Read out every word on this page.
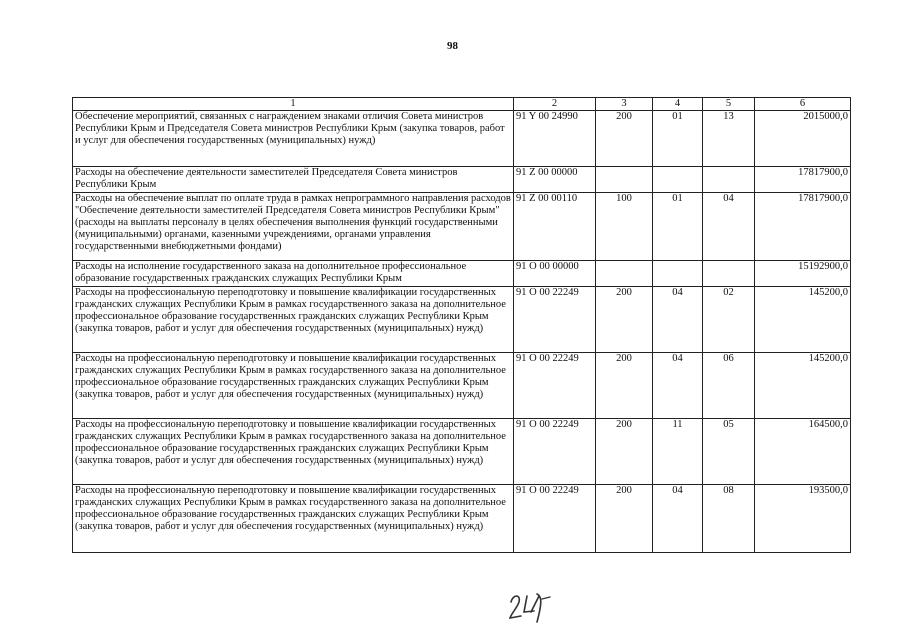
98
1	2	3	4	5	6
Обеспечение мероприятий, связанных с награждением знаками отличия Совета министров Республики Крым и Председателя Совета министров Республики Крым (закупка товаров, работ и услуг для обеспечения государственных (муниципальных) нужд)	91 Y 00 24990	200	01	13	2015000,0
Расходы на обеспечение деятельности заместителей Председателя Совета министров Республики Крым	91 Z 00 00000				17817900,0
Расходы на обеспечение выплат по оплате труда в рамках непрограммного направления расходов "Обеспечение деятельности заместителей Председателя Совета министров Республики Крым" (расходы на выплаты персоналу в целях обеспечения выполнения функций государственными (муниципальными) органами, казенными учреждениями, органами управления государственными внебюджетными фондами)	91 Z 00 00110	100	01	04	17817900,0
Расходы на исполнение государственного заказа на дополнительное профессиональное образование государственных гражданских служащих Республики Крым	91 О 00 00000				15192900,0
Расходы на профессиональную переподготовку и повышение квалификации государственных гражданских служащих Республики Крым в рамках государственного заказа на дополнительное профессиональное образование государственных гражданских служащих Республики Крым (закупка товаров, работ и услуг для обеспечения государственных (муниципальных) нужд)	91 О 00 22249	200	04	02	145200,0
Расходы на профессиональную переподготовку и повышение квалификации государственных гражданских служащих Республики Крым в рамках государственного заказа на дополнительное профессиональное образование государственных гражданских служащих Республики Крым (закупка товаров, работ и услуг для обеспечения государственных (муниципальных) нужд)	91 О 00 22249	200	04	06	145200,0
Расходы на профессиональную переподготовку и повышение квалификации государственных гражданских служащих Республики Крым в рамках государственного заказа на дополнительное профессиональное образование государственных гражданских служащих Республики Крым (закупка товаров, работ и услуг для обеспечения государственных (муниципальных) нужд)	91 О 00 22249	200	11	05	164500,0
Расходы на профессиональную переподготовку и повышение квалификации государственных гражданских служащих Республики Крым в рамках государственного заказа на дополнительное профессиональное образование государственных гражданских служащих Республики Крым (закупка товаров, работ и услуг для обеспечения государственных (муниципальных) нужд)	91 О 00 22249	200	04	08	193500,0
